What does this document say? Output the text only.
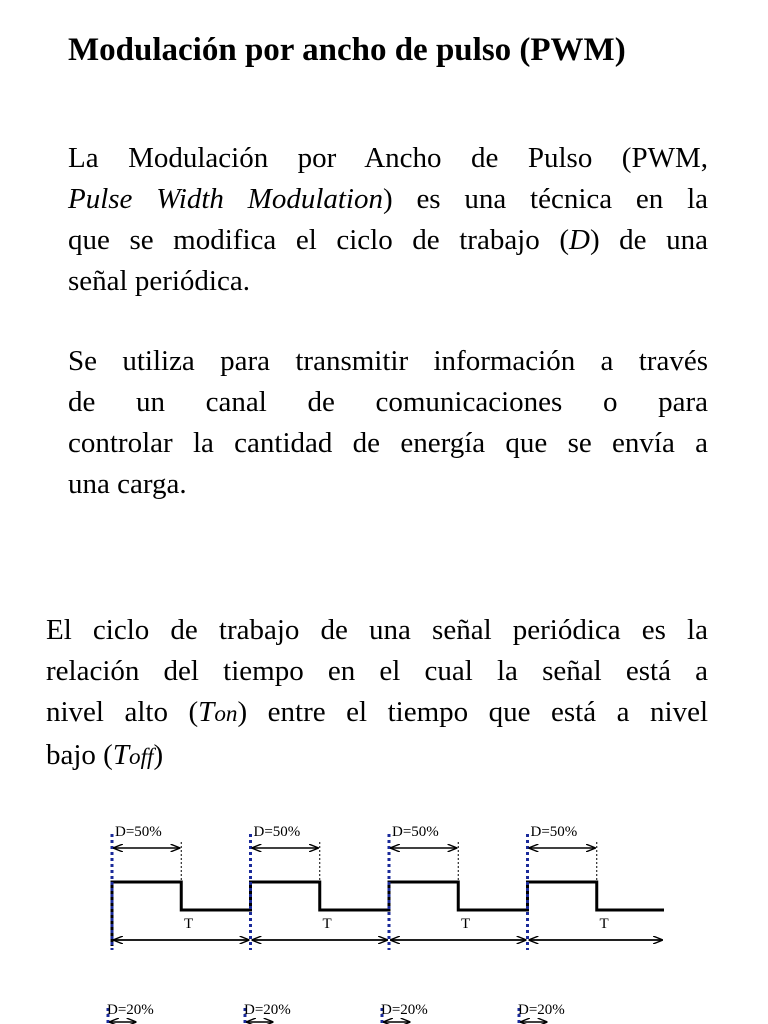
Modulación por ancho de pulso (PWM)

La Modulación por Ancho de Pulso (PWM,
Pulse Width Modulation) es una técnica en la
que se modifica el ciclo de trabajo (D) de una
señal periódica.

Se utiliza para transmitir información a través
de un canal de comunicaciones o para
controlar la cantidad de energía que se envía a
una carga.

El ciclo de trabajo de una señal periódica es la
relación del tiempo en el cual la señal está a
nivel alto (Ton) entre el tiempo que está a nivel
bajo (Toff)

D=50%
T
D=50%
T
D=50%
T
D=50%
T
D=20%	D=20%	D=20%	D=20%
